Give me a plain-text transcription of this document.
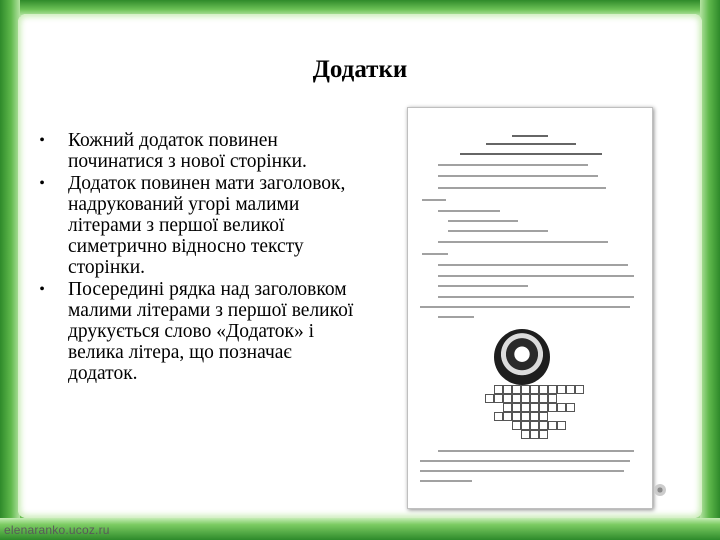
Додатки
•	Кожний додаток повинен починатися з нової сторінки.
•	Додаток повинен мати заголовок, надрукований угорі малими літерами з першої великої симетрично відносно тексту сторінки.
•	Посередині рядка над заголовком малими літерами з першої великої друкується слово «Додаток» і велика літера, що позначає додаток.
elenaranko.ucoz.ru
